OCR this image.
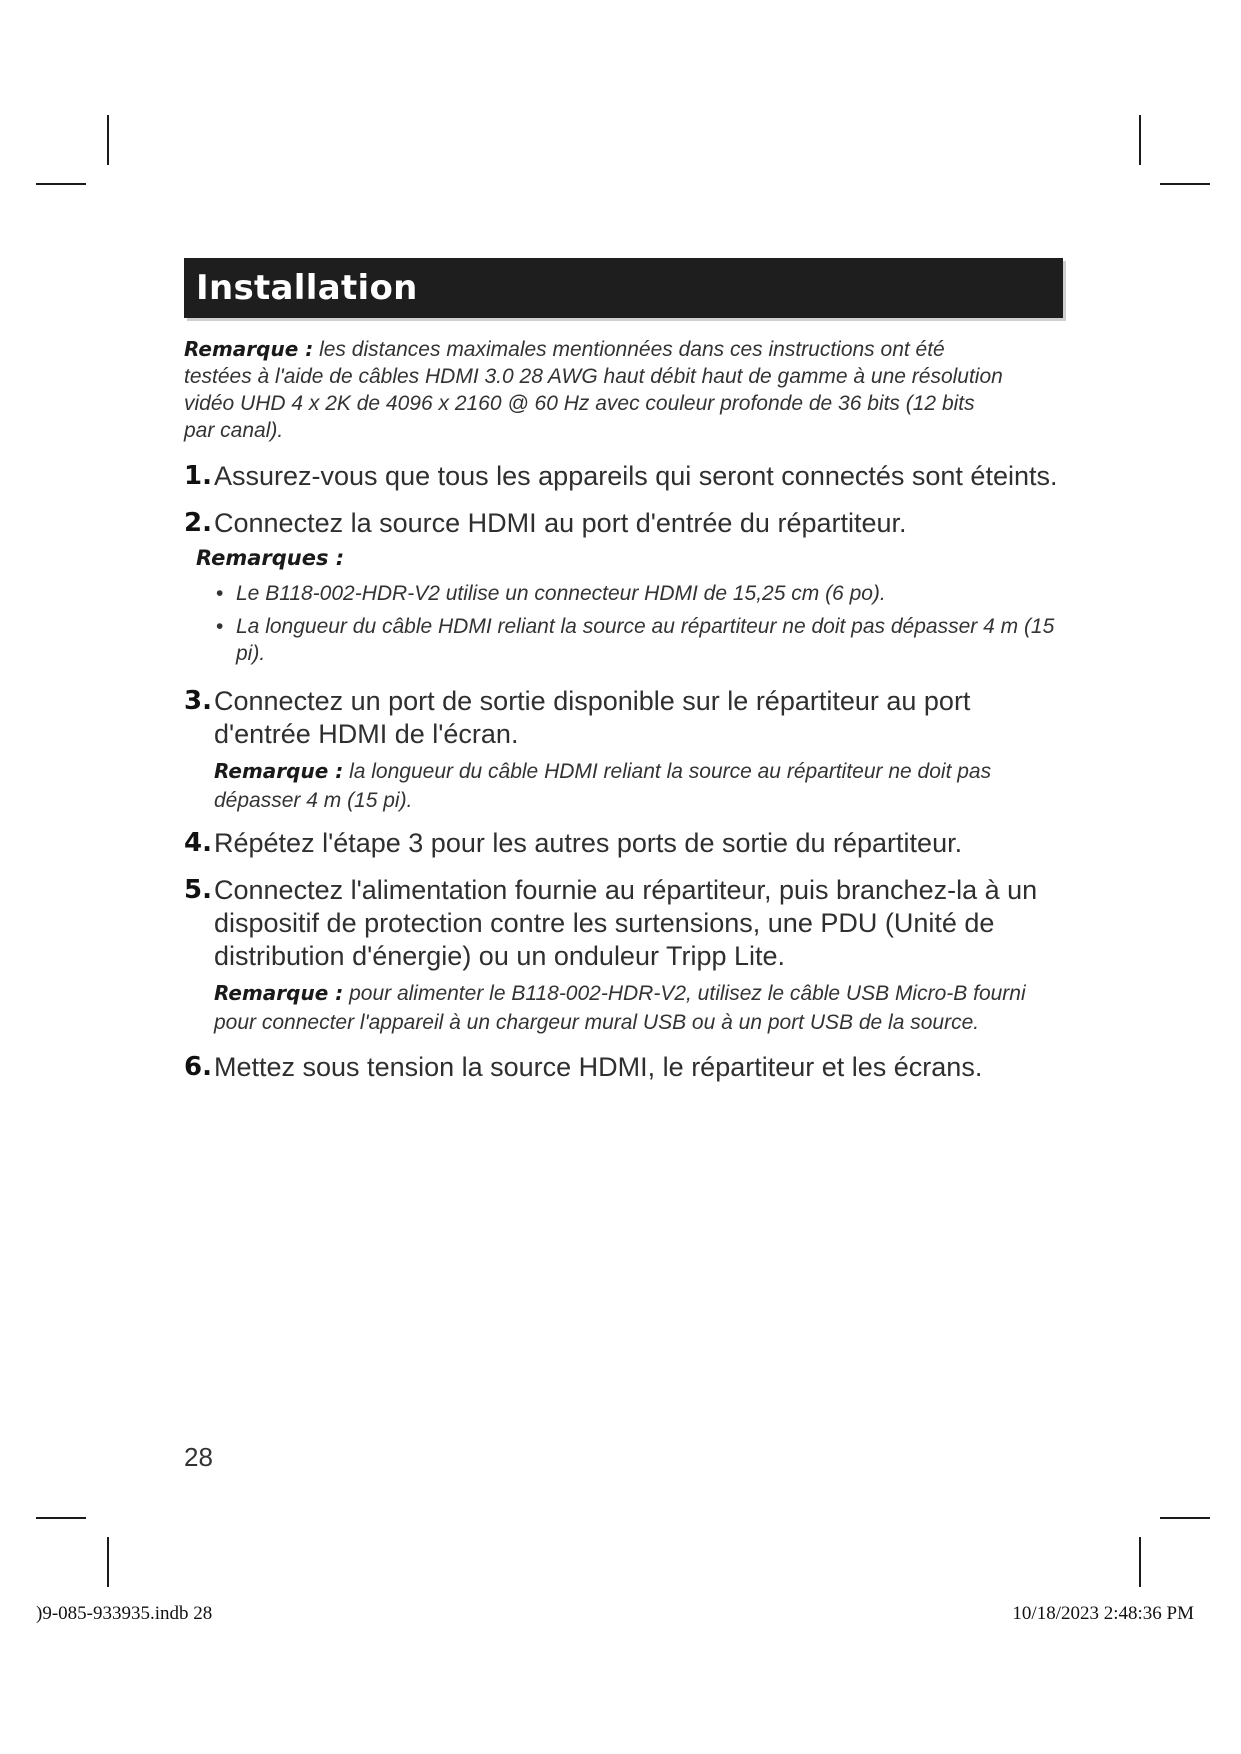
Installation
Remarque : les distances maximales mentionnées dans ces instructions ont été testées à l'aide de câbles HDMI 3.0 28 AWG haut débit haut de gamme à une résolution vidéo UHD 4 x 2K de 4096 x 2160 @ 60 Hz avec couleur profonde de 36 bits (12 bits par canal).
1. Assurez-vous que tous les appareils qui seront connectés sont éteints.
2. Connectez la source HDMI au port d'entrée du répartiteur.
Remarques :
• Le B118-002-HDR-V2 utilise un connecteur HDMI de 15,25 cm (6 po).
• La longueur du câble HDMI reliant la source au répartiteur ne doit pas dépasser 4 m (15 pi).
3. Connectez un port de sortie disponible sur le répartiteur au port d'entrée HDMI de l'écran.
Remarque : la longueur du câble HDMI reliant la source au répartiteur ne doit pas dépasser 4 m (15 pi).
4. Répétez l'étape 3 pour les autres ports de sortie du répartiteur.
5. Connectez l'alimentation fournie au répartiteur, puis branchez-la à un dispositif de protection contre les surtensions, une PDU (Unité de distribution d'énergie) ou un onduleur Tripp Lite.
Remarque : pour alimenter le B118-002-HDR-V2, utilisez le câble USB Micro-B fourni pour connecter l'appareil à un chargeur mural USB ou à un port USB de la source.
6. Mettez sous tension la source HDMI, le répartiteur et les écrans.
28
)9-085-933935.indb 28	10/18/2023 2:48:36 PM
